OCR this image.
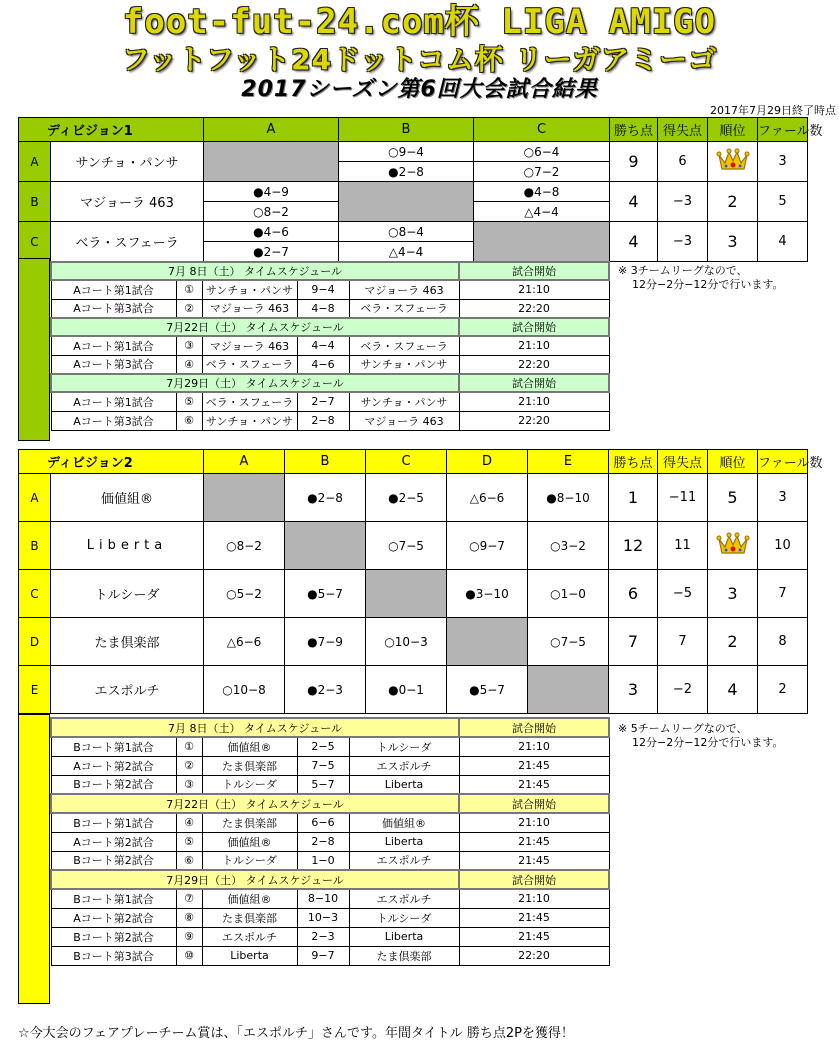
foot-fut-24.com杯 LIGA AMIGO
フットフット24ドットコム杯 リーガアミーゴ
2017シーズン第6回大会試合結果
2017年7月29日終了時点
ディビジョン1		A	B	C	勝ち点	得失点	順位	ファール数
A	サンチョ・パンサ		○9−4	○6−4	9	6		3
			●2−8	○7−2				
B	マジョーラ 463	●4−9		●4−8	4	−3	2	5
		○8−2		△4−4				
C	ベラ・スフェーラ	●4−6	○8−4		4	−3	3	4
		●2−7	△4−4					
7月 8日（土） タイムスケジュール					試合開始
Aコート第1試合	①	サンチョ・パンサ	9−4	マジョーラ 463	21:10
Aコート第3試合	②	マジョーラ 463	4−8	ベラ・スフェーラ	22:20
7月22日（土） タイムスケジュール					試合開始
Aコート第1試合	③	マジョーラ 463	4−4	ベラ・スフェーラ	21:10
Aコート第3試合	④	ベラ・スフェーラ	4−6	サンチョ・パンサ	22:20
7月29日（土） タイムスケジュール					試合開始
Aコート第1試合	⑤	ベラ・スフェーラ	2−7	サンチョ・パンサ	21:10
Aコート第3試合	⑥	サンチョ・パンサ	2−8	マジョーラ 463	22:20
※ 3チームリーグなので、
12分−2分−12分で行います。
ディビジョン2		A	B	C	D	E	勝ち点	得失点	順位	ファール数
A	価値組®		●2−8	●2−5	△6−6	●8−10	1	−11	5	3
B	Liberta	○8−2		○7−5	○9−7	○3−2	12	11		10
C	トルシーダ	○5−2	●5−7		●3−10	○1−0	6	−5	3	7
D	たま倶楽部	△6−6	●7−9	○10−3		○7−5	7	7	2	8
E	エスポルチ	○10−8	●2−3	●0−1	●5−7		3	−2	4	2
7月 8日（土） タイムスケジュール					試合開始
Bコート第1試合	①	価値組®	2−5	トルシーダ	21:10
Aコート第2試合	②	たま倶楽部	7−5	エスポルチ	21:45
Bコート第2試合	③	トルシーダ	5−7	Liberta	21:45
7月22日（土） タイムスケジュール					試合開始
Bコート第1試合	④	たま倶楽部	6−6	価値組®	21:10
Aコート第2試合	⑤	価値組®	2−8	Liberta	21:45
Bコート第2試合	⑥	トルシーダ	1−0	エスポルチ	21:45
7月29日（土） タイムスケジュール					試合開始
Bコート第1試合	⑦	価値組®	8−10	エスポルチ	21:10
Aコート第2試合	⑧	たま倶楽部	10−3	トルシーダ	21:45
Bコート第2試合	⑨	エスポルチ	2−3	Liberta	21:45
Bコート第3試合	⑩	Liberta	9−7	たま倶楽部	22:20
※ 5チームリーグなので、
12分−2分−12分で行います。
☆今大会のフェアプレーチーム賞は、「エスポルチ」さんです。年間タイトル 勝ち点2Pを獲得！
